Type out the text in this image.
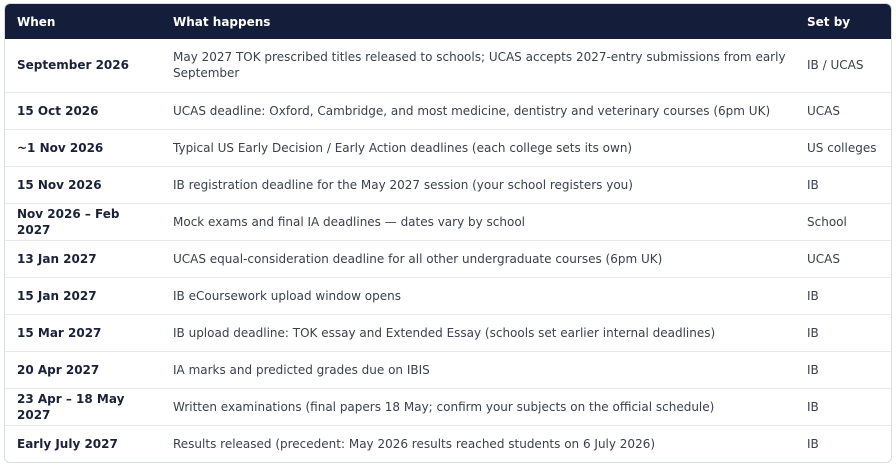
When	What happens	Set by
September 2026	May 2027 TOK prescribed titles released to schools; UCAS accepts 2027-entry submissions from early September	IB / UCAS
15 Oct 2026	UCAS deadline: Oxford, Cambridge, and most medicine, dentistry and veterinary courses (6pm UK)	UCAS
~1 Nov 2026	Typical US Early Decision / Early Action deadlines (each college sets its own)	US colleges
15 Nov 2026	IB registration deadline for the May 2027 session (your school registers you)	IB
Nov 2026 – Feb 2027	Mock exams and final IA deadlines — dates vary by school	School
13 Jan 2027	UCAS equal-consideration deadline for all other undergraduate courses (6pm UK)	UCAS
15 Jan 2027	IB eCoursework upload window opens	IB
15 Mar 2027	IB upload deadline: TOK essay and Extended Essay (schools set earlier internal deadlines)	IB
20 Apr 2027	IA marks and predicted grades due on IBIS	IB
23 Apr – 18 May 2027	Written examinations (final papers 18 May; confirm your subjects on the official schedule)	IB
Early July 2027	Results released (precedent: May 2026 results reached students on 6 July 2026)	IB
